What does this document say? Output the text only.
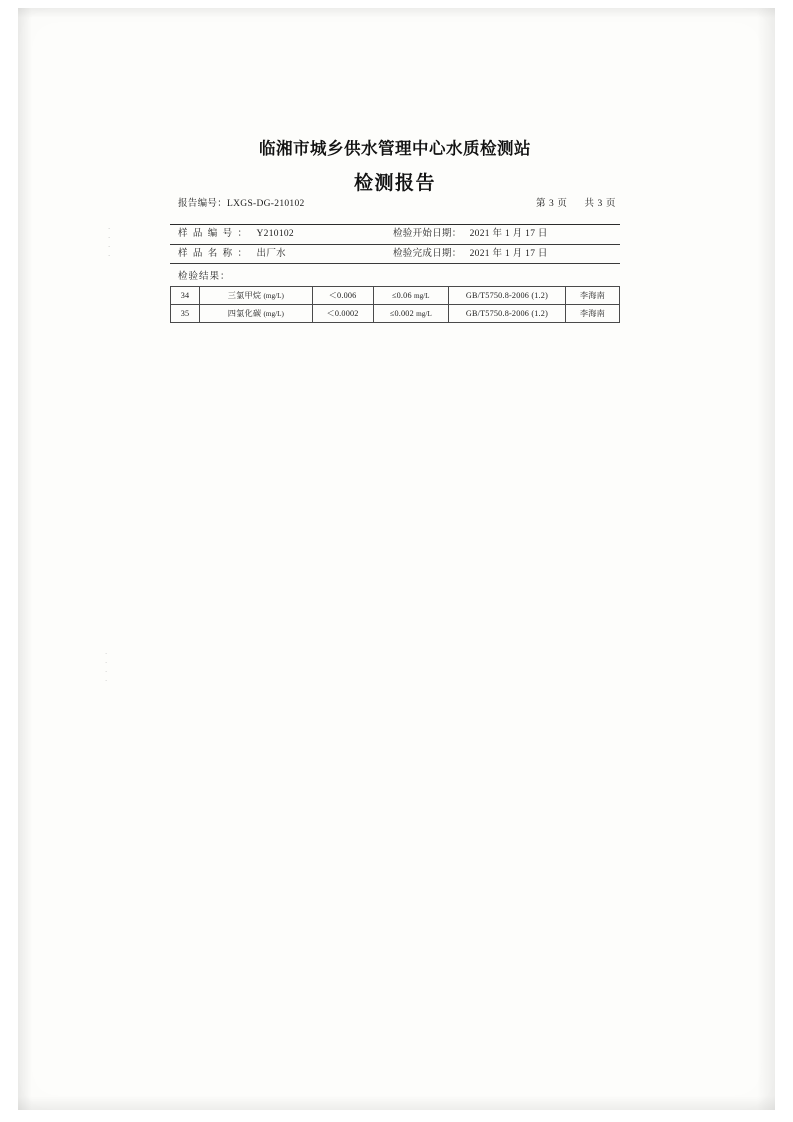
·
·
·
·
·
·
·
·
临湘市城乡供水管理中心水质检测站
检测报告
报告编号： LXGS-DG-210102	第 3 页 共 3 页
样 品 编 号 ： Y210102	检验开始日期： 2021 年 1 月 17 日
样 品 名 称 ： 出厂水	检验完成日期： 2021 年 1 月 17 日
检验结果：
34	三氯甲烷 (mg/L)	＜0.006	≤0.06 mg/L	GB/T5750.8-2006 (1.2)	李海南
35	四氯化碳 (mg/L)	＜0.0002	≤0.002 mg/L	GB/T5750.8-2006 (1.2)	李海南
